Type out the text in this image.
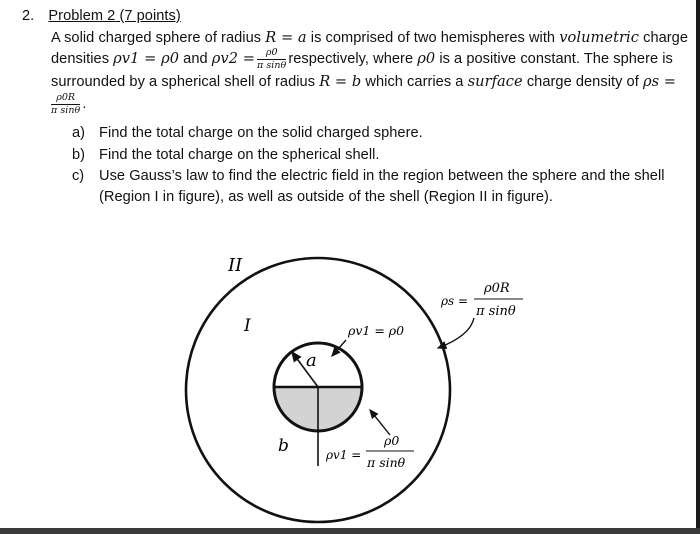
2. Problem 2 (7 points)
A solid charged sphere of radius R = a is comprised of two hemispheres with volumetric charge
densities ρv1 = ρ0 and $\rho v2 = \frac{\rho 0}{\text{π sinθ}}$ respectively, where ρ0 is a positive constant. The sphere is
surrounded by a spherical shell of radius R = b which carries a surface charge density of ρs =
$\frac{\rho 0R}{\text{π sinθ}}$ .
a) Find the total charge on the solid charged sphere.
b) Find the total charge on the spherical shell.
c) Use Gauss’s law to find the electric field in the region between the sphere and the shell
(Region I in figure), as well as outside of the shell (Region II in figure).
II
I
a
b
ρv1 = ρ0
ρv1 =
ρ0
π sinθ
ρs =
ρ0R
π sinθ
